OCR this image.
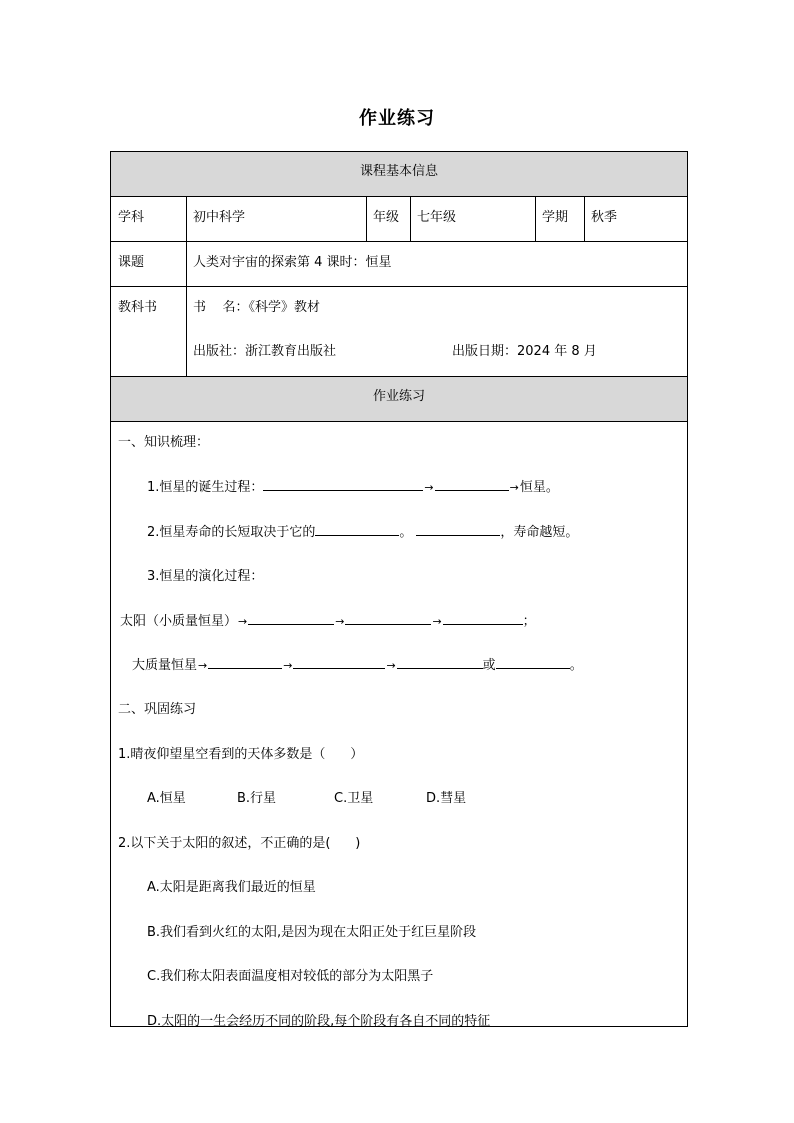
作业练习
课程基本信息
学科	初中科学	年级 七年级	学期 秋季
课题	人类对宇宙的探索第 4 课时：恒星
教科书	书    名：《科学》教材
出版社：浙江教育出版社	出版日期：2024 年 8 月
作业练习
一、知识梳理：
1.恒星的诞生过程：	→	→恒星。
2.恒星寿命的长短取决于它的	。	，寿命越短。
3.恒星的演化过程：
太阳（小质量恒星）→	→	→	；
大质量恒星→	→	→	或	。
二、巩固练习
1.晴夜仰望星空看到的天体多数是（      ）
A.恒星	B.行星	C.卫星	D.彗星
2.以下关于太阳的叙述，不正确的是(      )
A.太阳是距离我们最近的恒星
B.我们看到火红的太阳,是因为现在太阳正处于红巨星阶段
C.我们称太阳表面温度相对较低的部分为太阳黑子
D.太阳的一生会经历不同的阶段,每个阶段有各自不同的特征
